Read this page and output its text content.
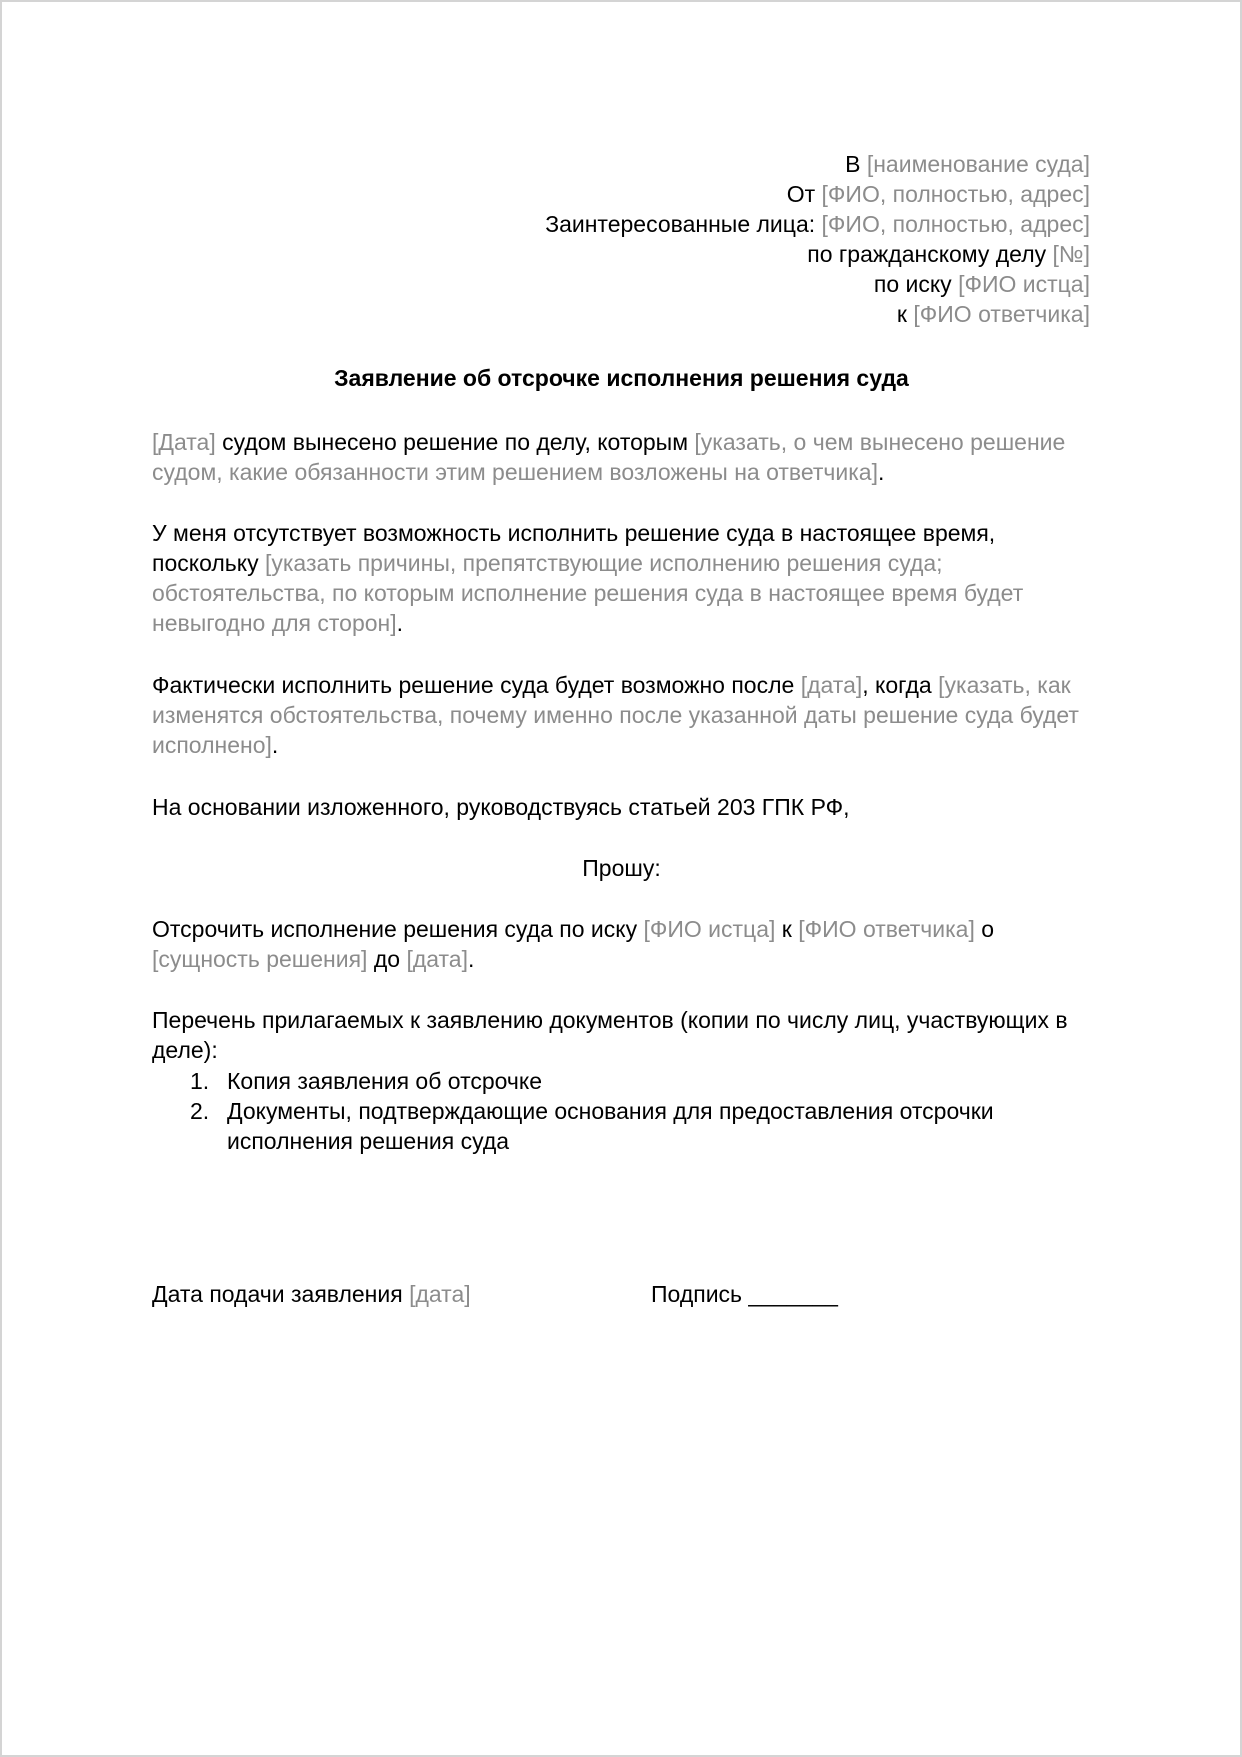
В [наименование суда]
От [ФИО, полностью, адрес]
Заинтересованные лица: [ФИО, полностью, адрес]
по гражданскому делу [№]
по иску [ФИО истца]
к [ФИО ответчика]
Заявление об отсрочке исполнения решения суда

[Дата] судом вынесено решение по делу, которым [указать, о чем вынесено решение судом, какие обязанности этим решением возложены на ответчика].

У меня отсутствует возможность исполнить решение суда в настоящее время, поскольку [указать причины, препятствующие исполнению решения суда; обстоятельства, по которым исполнение решения суда в настоящее время будет невыгодно для сторон].

Фактически исполнить решение суда будет возможно после [дата], когда [указать, как изменятся обстоятельства, почему именно после указанной даты решение суда будет исполнено].

На основании изложенного, руководствуясь статьей 203 ГПК РФ,

Прошу:

Отсрочить исполнение решения суда по иску [ФИО истца] к [ФИО ответчика] о [сущность решения] до [дата].

Перечень прилагаемых к заявлению документов (копии по числу лиц, участвующих в деле):

1. Копия заявления об отсрочке
2. Документы, подтверждающие основания для предоставления отсрочки исполнения решения суда
Дата подачи заявления [дата]	Подпись _______
